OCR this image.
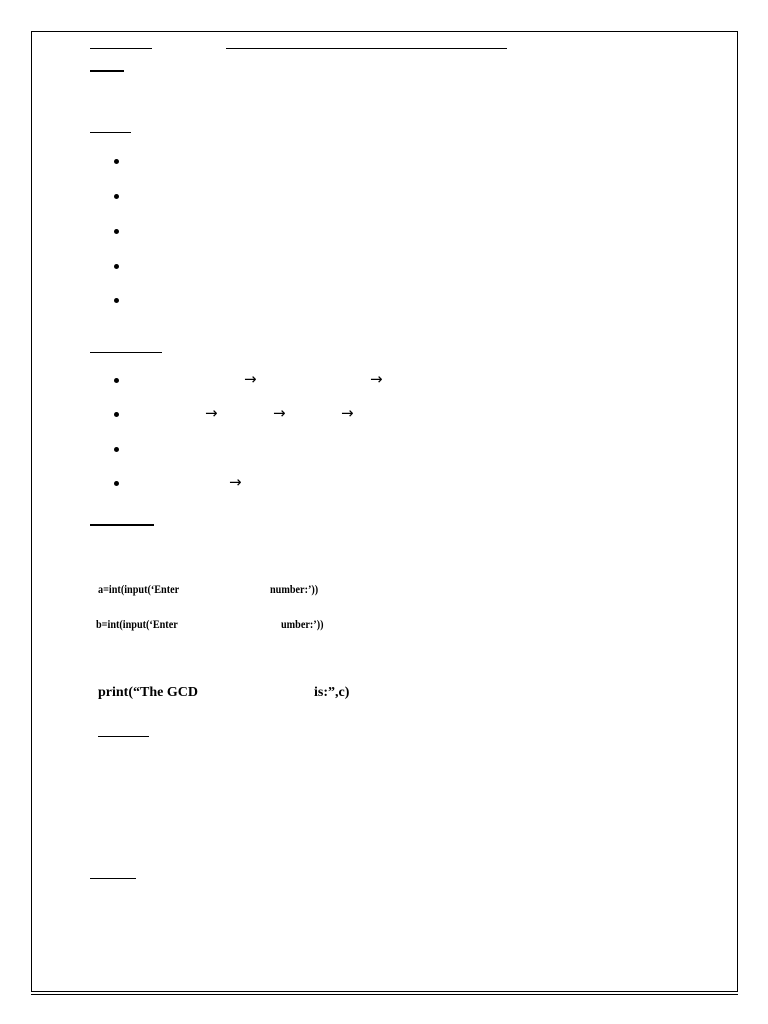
→	→
→	→	→
→
a=int(input(‘Enter	number:’))
b=int(input(‘Enter	umber:’))
print(“The GCD	is:”,c)
